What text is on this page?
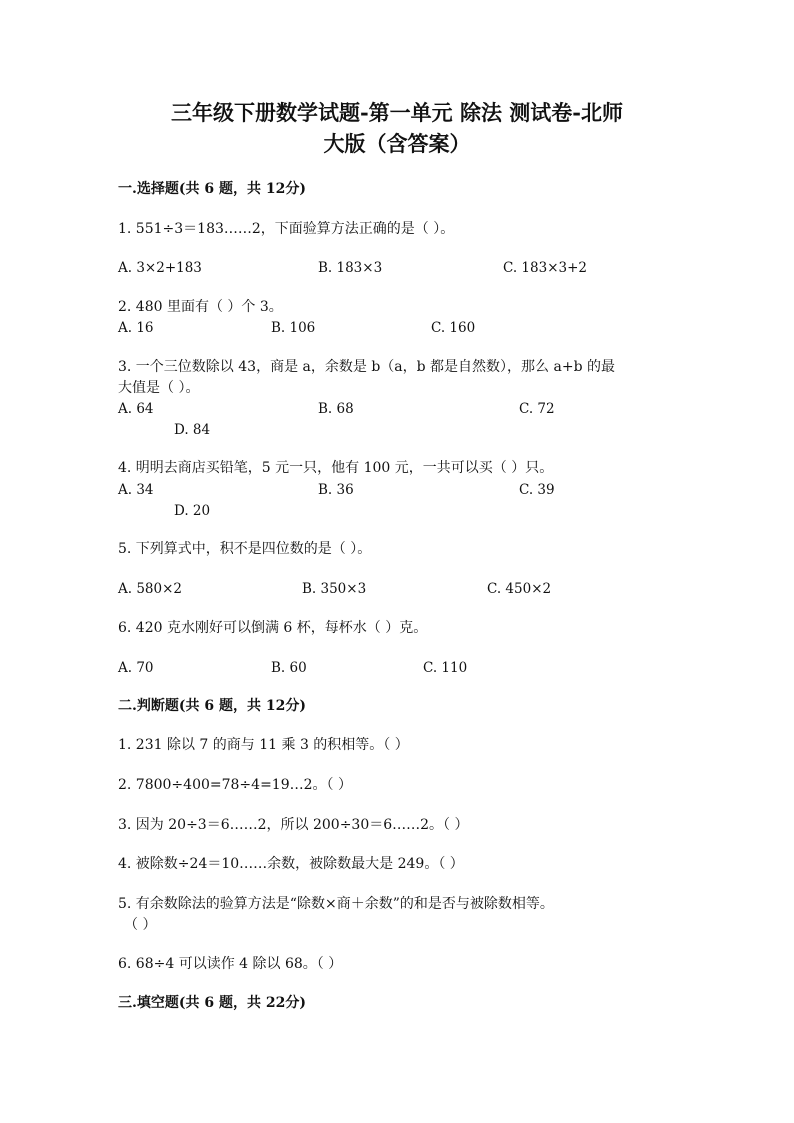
三年级下册数学试题-第一单元 除法 测试卷-北师
大版（含答案）
一.选择题(共 6 题，共 12分)
1. 551÷3＝183……2，下面验算方法正确的是（ ）。
A. 3×2+183	B. 183×3	C. 183×3+2
2. 480 里面有（ ）个 3。
A. 16	B. 106	C. 160
3. 一个三位数除以 43，商是 a，余数是 b（a，b 都是自然数），那么 a+b 的最
大值是（ ）。
A. 64	B. 68	C. 72
D. 84
4. 明明去商店买铅笔，5 元一只，他有 100 元，一共可以买（ ）只。
A. 34	B. 36	C. 39
D. 20
5. 下列算式中，积不是四位数的是（ ）。
A. 580×2	B. 350×3	C. 450×2
6. 420 克水刚好可以倒满 6 杯，每杯水（ ）克。
A. 70	B. 60	C. 110
二.判断题(共 6 题，共 12分)
1. 231 除以 7 的商与 11 乘 3 的积相等。（ ）
2. 7800÷400=78÷4=19…2。（ ）
3. 因为 20÷3＝6……2，所以 200÷30＝6……2。（ ）
4. 被除数÷24＝10……余数，被除数最大是 249。（ ）
5. 有余数除法的验算方法是“除数×商＋余数”的和是否与被除数相等。
（ ）
6. 68÷4 可以读作 4 除以 68。（ ）
三.填空题(共 6 题，共 22分)
